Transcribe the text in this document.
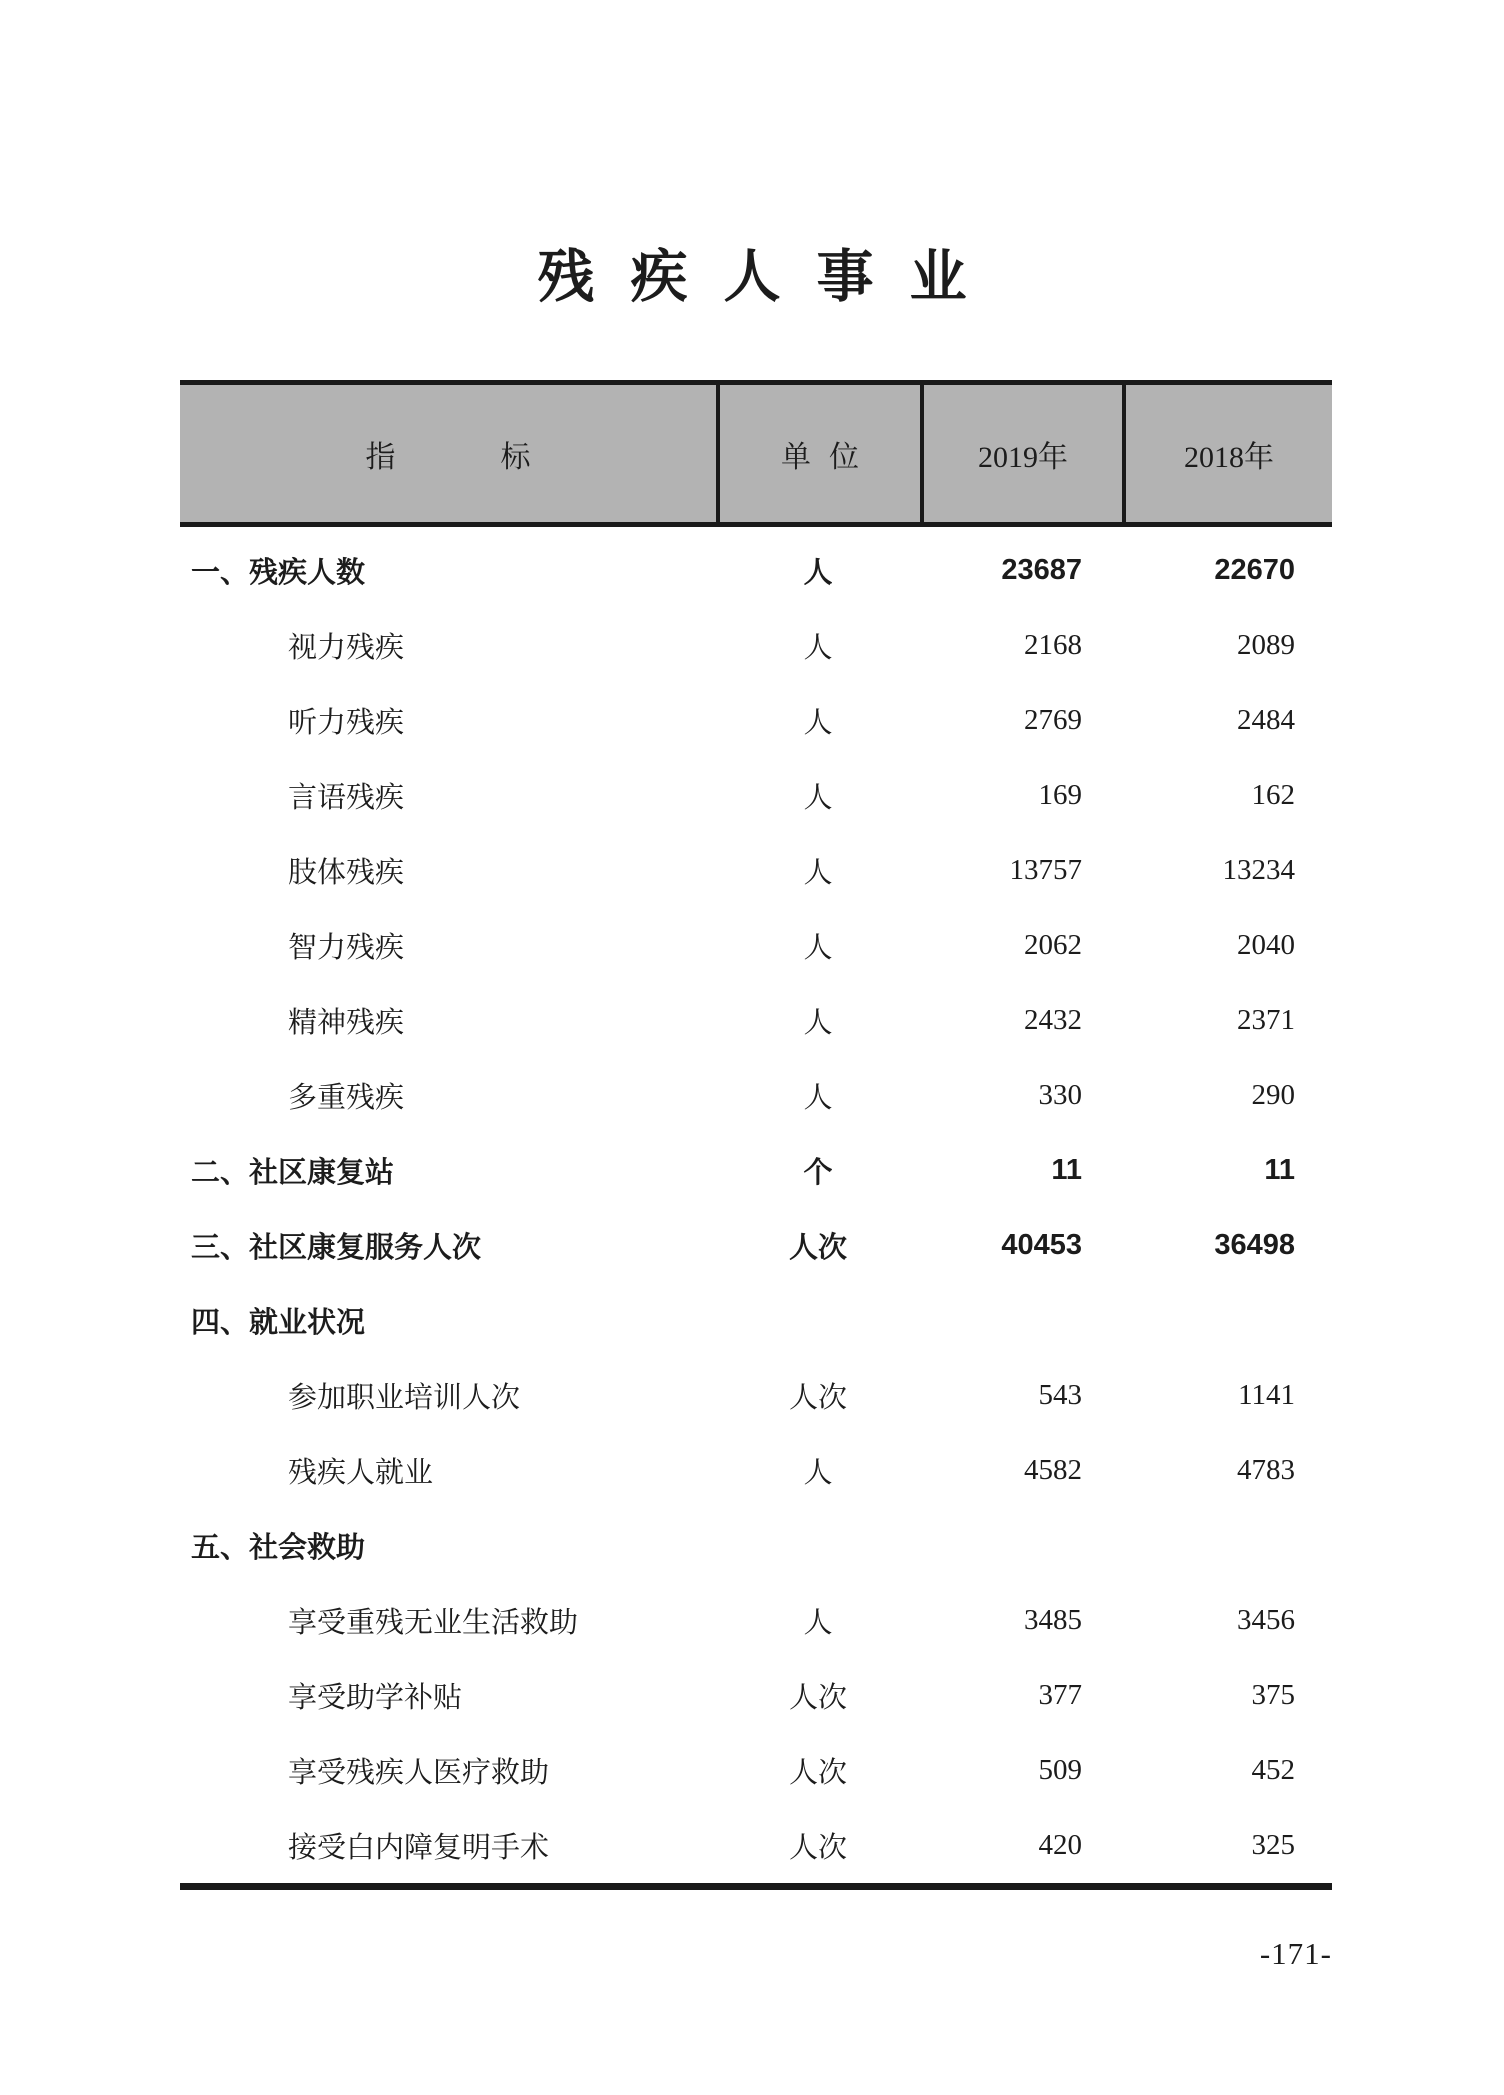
残疾人事业
指标	单位	2019年	2018年
一、残疾人数	人	23687	22670
视力残疾	人	2168	2089
听力残疾	人	2769	2484
言语残疾	人	169	162
肢体残疾	人	13757	13234
智力残疾	人	2062	2040
精神残疾	人	2432	2371
多重残疾	人	330	290
二、社区康复站	个	11	11
三、社区康复服务人次	人次	40453	36498
四、就业状况
参加职业培训人次	人次	543	1141
残疾人就业	人	4582	4783
五、社会救助
享受重残无业生活救助	人	3485	3456
享受助学补贴	人次	377	375
享受残疾人医疗救助	人次	509	452
接受白内障复明手术	人次	420	325
-171-
